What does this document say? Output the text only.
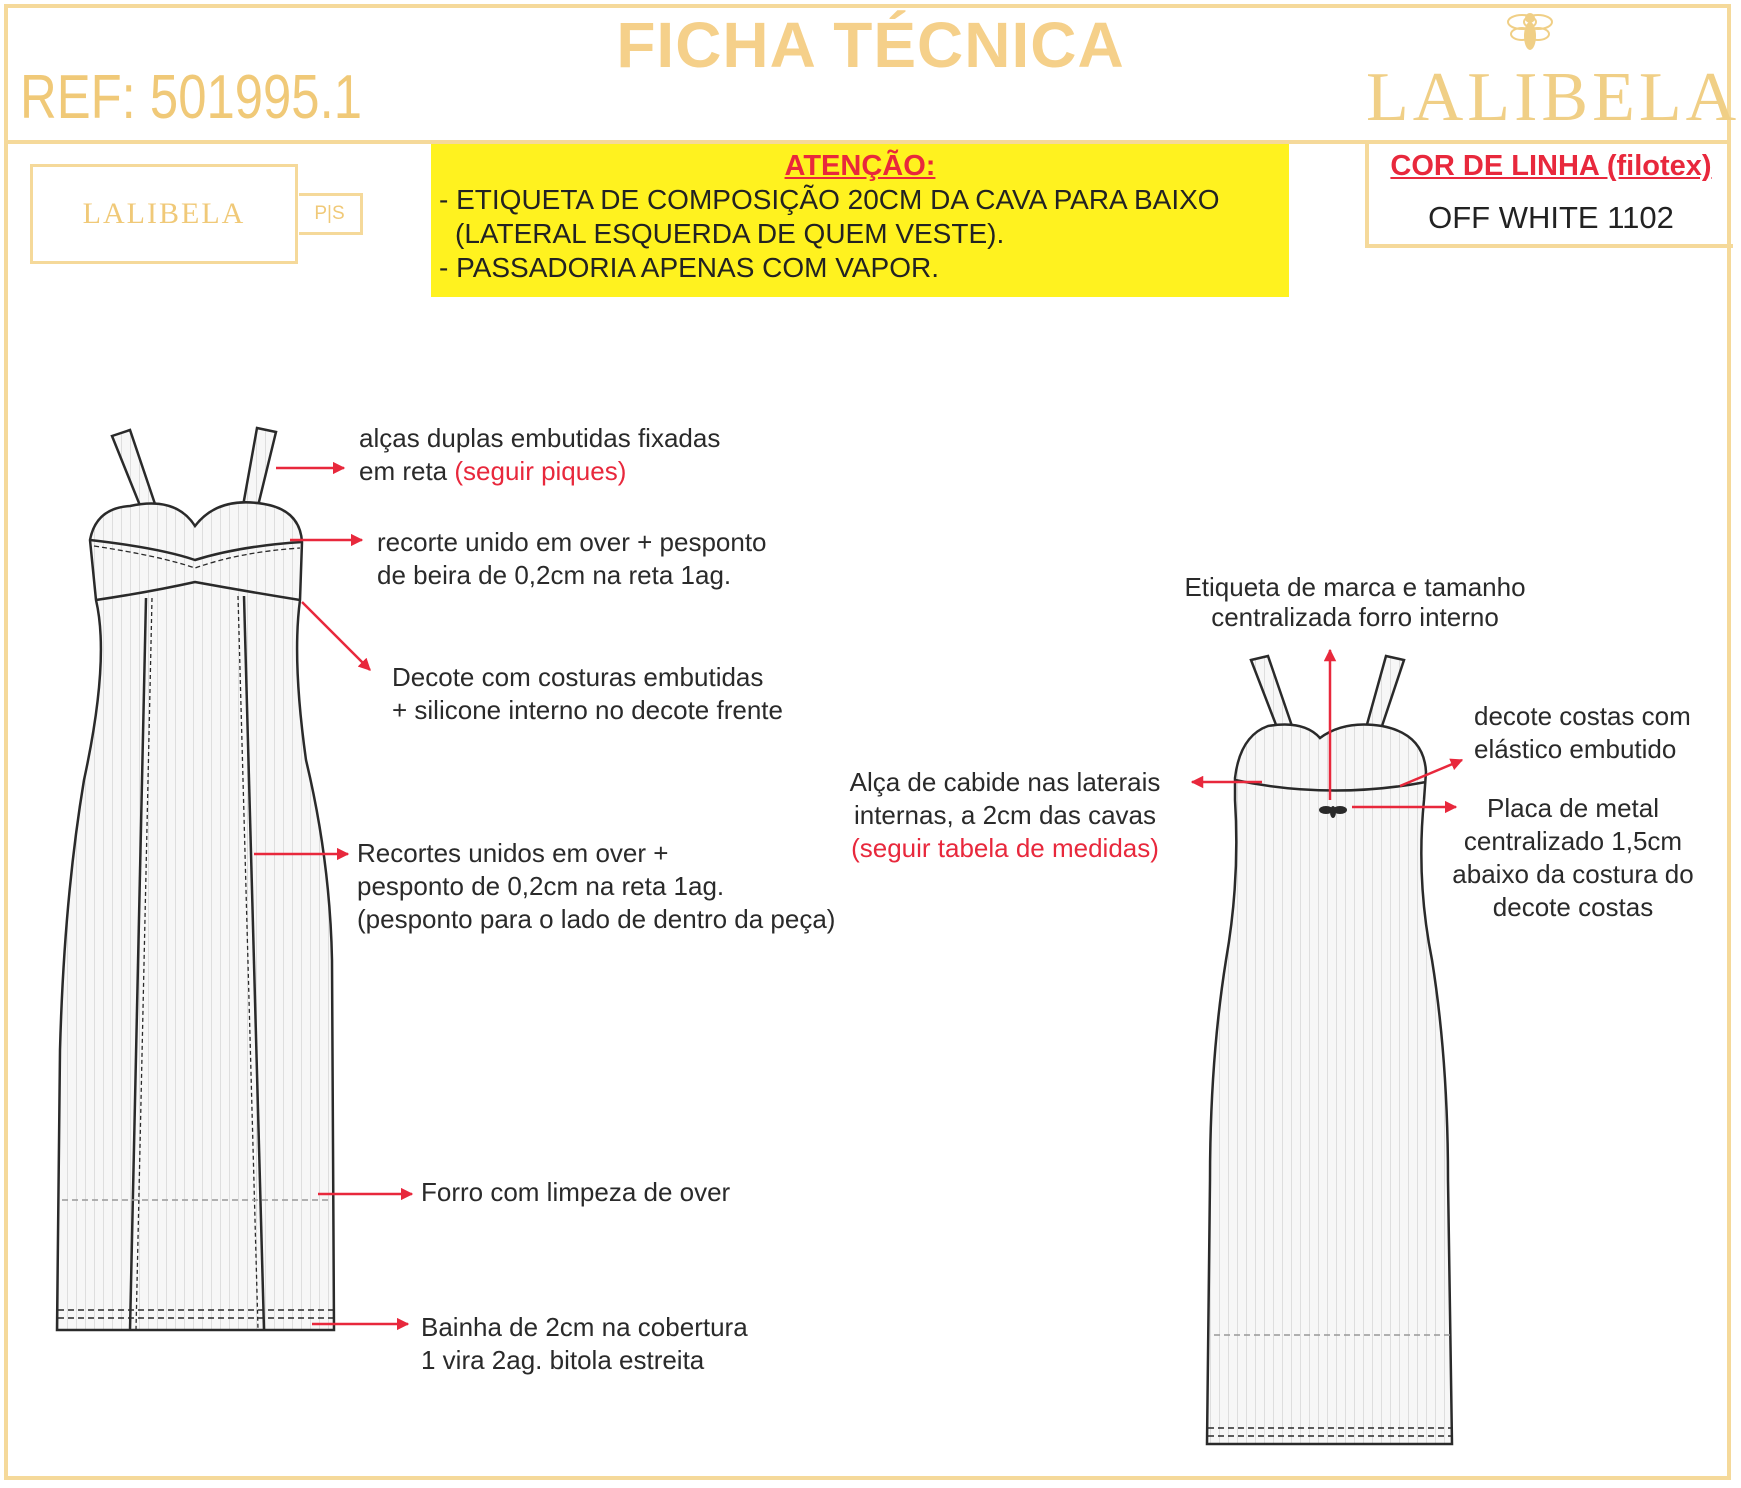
FICHA TÉCNICA
REF: 501995.1	LALIBELA
LALIBELA	P|S
ATENÇÃO:
- ETIQUETA DE COMPOSIÇÃO 20CM DA CAVA PARA BAIXO
(LATERAL ESQUERDA DE QUEM VESTE).
- PASSADORIA APENAS COM VAPOR.
COR DE LINHA (filotex)
OFF WHITE 1102
alças duplas embutidas fixadas
em reta (seguir piques)
recorte unido em over + pesponto
de beira de 0,2cm na reta 1ag.
Decote com costuras embutidas
+ silicone interno no decote frente
Recortes unidos em over +
pesponto de 0,2cm na reta 1ag.
(pesponto para o lado de dentro da peça)
Forro com limpeza de over
Bainha de 2cm na cobertura
1 vira 2ag. bitola estreita
Etiqueta de marca e tamanho
centralizada forro interno
Alça de cabide nas laterais
internas, a 2cm das cavas
(seguir tabela de medidas)
decote costas com
elástico embutido
Placa de metal
centralizado 1,5cm
abaixo da costura do
decote costas
